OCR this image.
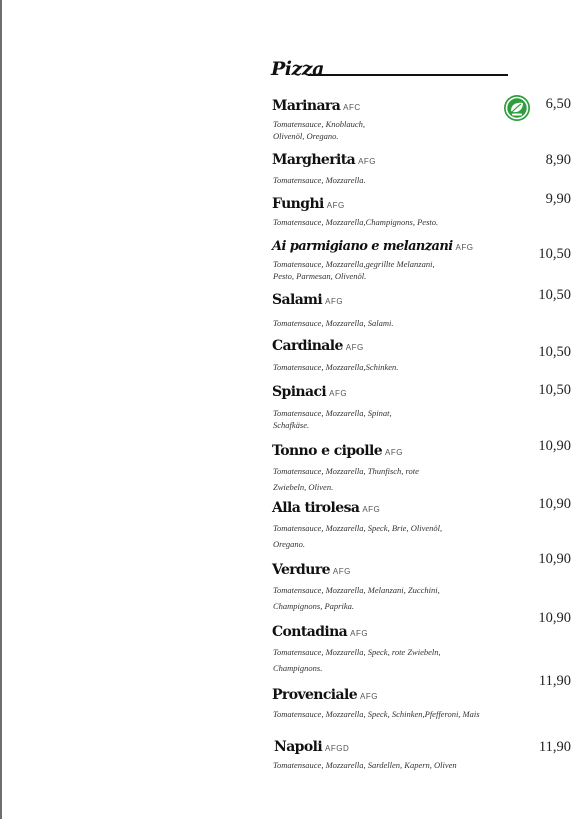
Pizza
Marinara AFC
Tomatensauce, Knoblauch,
Olivenöl, Oregano.
6,50
Margherita AFG
Tomatensauce, Mozzarella.
8,90
Funghi AFG
Tomatensauce, Mozzarella,Champignons, Pesto.
9,90
Ai parmigiano e melanzani AFG
Tomatensauce, Mozzarella,gegrillte Melanzani,
Pesto, Parmesan, Olivenöl.
10,50
Salami AFG
Tomatensauce, Mozzarella, Salami.
10,50
Cardinale AFG
Tomatensauce, Mozzarella,Schinken.
10,50
Spinaci AFG
Tomatensauce, Mozzarella, Spinat,
Schafkäse.
10,50
Tonno e cipolle AFG
Tomatensauce, Mozzarella, Thunfisch, rote
Zwiebeln, Oliven.
10,90
Alla tirolesa AFG
Tomatensauce, Mozzarella, Speck, Brie, Olivenöl,
Oregano.
10,90
Verdure AFG
Tomatensauce, Mozzarella, Melanzani, Zucchini,
Champignons, Paprika.
10,90
Contadina AFG
Tomatensauce, Mozzarella, Speck, rote Zwiebeln,
Champignons.
10,90
Provenciale AFG
Tomatensauce, Mozzarella, Speck, Schinken,Pfefferoni, Mais
11,90
Napoli AFGD
Tomatensauce, Mozzarella, Sardellen, Kapern, Oliven
11,90
